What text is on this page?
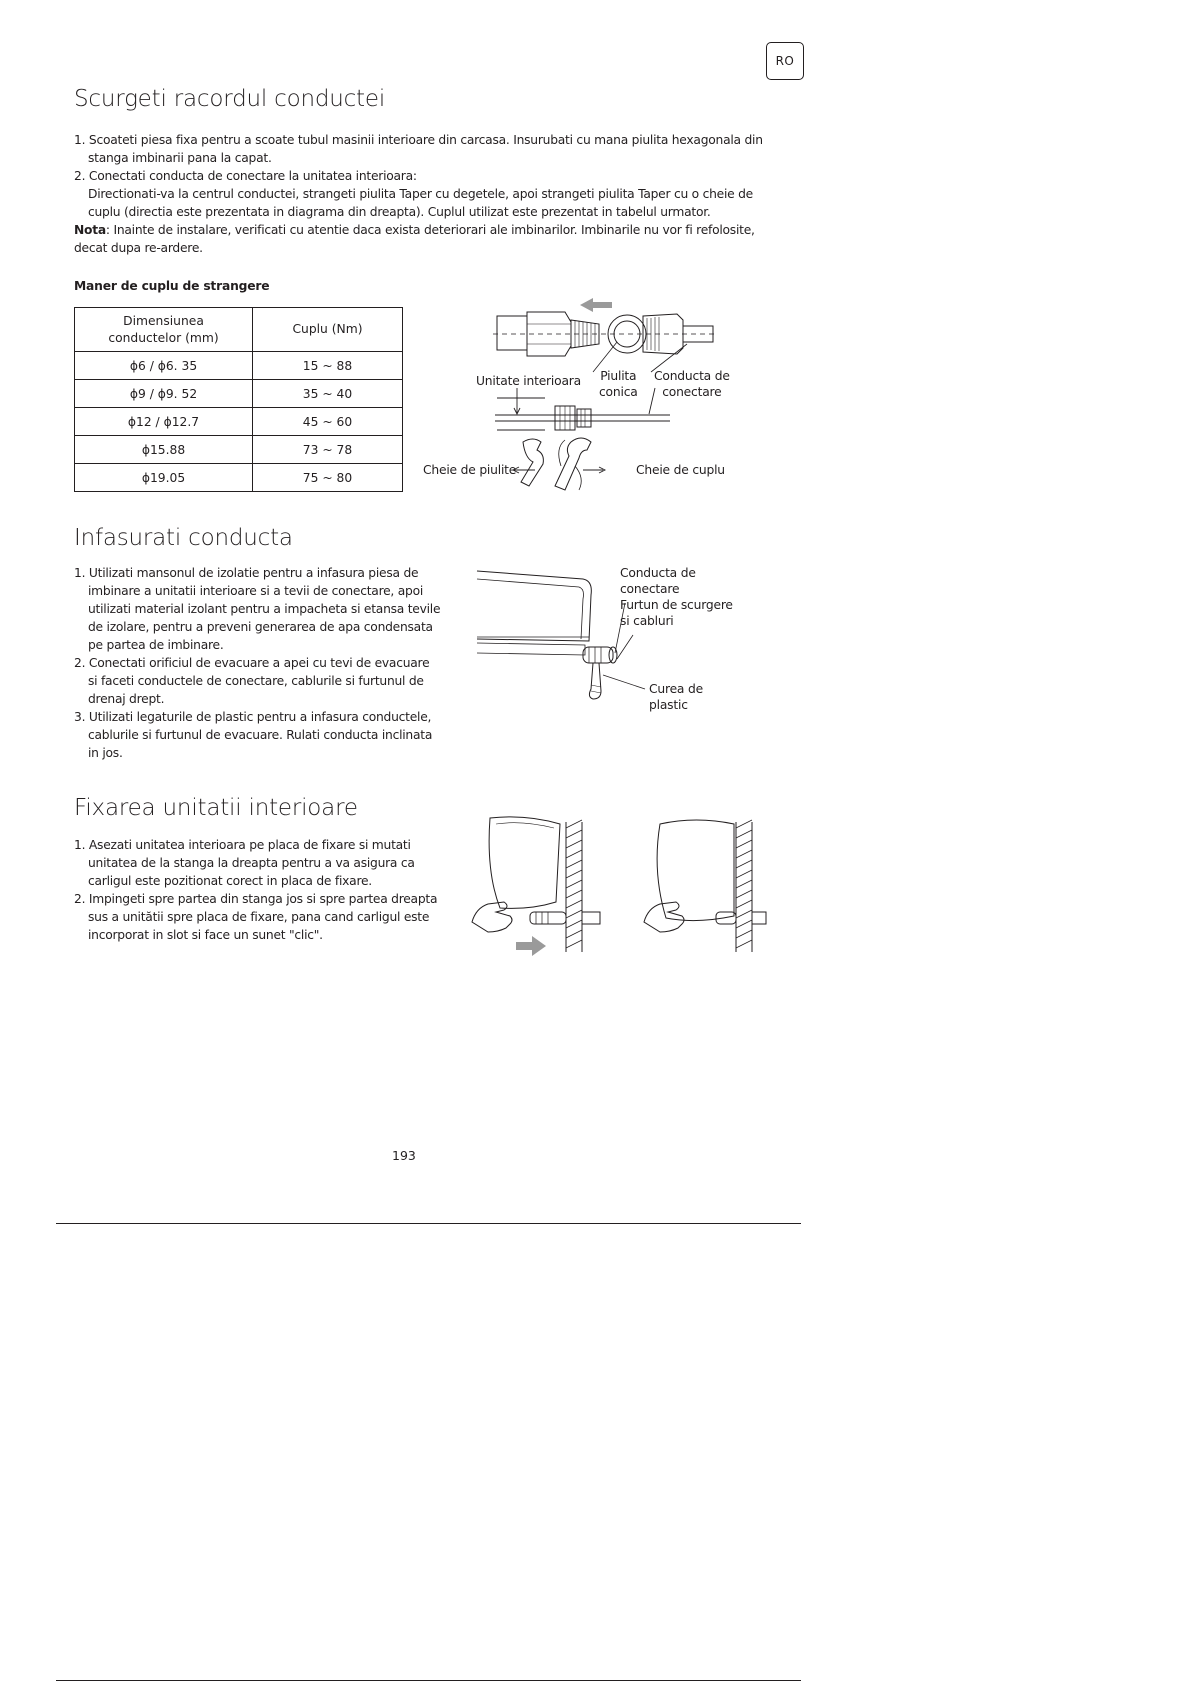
RO
Scurgeti racordul conductei

1. Scoateti piesa fixa pentru a scoate tubul masinii interioare din carcasa. Insurubati cu mana piulita hexagonala din

stanga imbinarii pana la capat.

2. Conectati conducta de conectare la unitatea interioara:

Directionati-va la centrul conductei, strangeti piulita Taper cu degetele, apoi strangeti piulita Taper cu o cheie de

cuplu (directia este prezentata in diagrama din dreapta). Cuplul utilizat este prezentat in tabelul urmator.

Nota: Inainte de instalare, verificati cu atentie daca exista deteriorari ale imbinarilor. Imbinarile nu vor fi refolosite,

decat dupa re-ardere.

Maner de cuplu de strangere
Dimensiunea
conductelor (mm)	Cuplu (Nm)
ϕ6 / ϕ6. 35	15 ~ 88
ϕ9 / ϕ9. 52	35 ~ 40
ϕ12 / ϕ12.7	45 ~ 60
ϕ15.88	73 ~ 78
ϕ19.05	75 ~ 80
Unitate interioara Piulita
conica
Conducta de
conectare
Cheie de piulite	Cheie de cuplu
Infasurati conducta

1. Utilizati mansonul de izolatie pentru a infasura piesa de

imbinare a unitatii interioare si a tevii de conectare, apoi

utilizati material izolant pentru a impacheta si etansa tevile

de izolare, pentru a preveni generarea de apa condensata

pe partea de imbinare.

2. Conectati orificiul de evacuare a apei cu tevi de evacuare

si faceti conductele de conectare, cablurile si furtunul de

drenaj drept.

3. Utilizati legaturile de plastic pentru a infasura conductele,

cablurile si furtunul de evacuare. Rulati conducta inclinata

in jos.

Conducta de
conectare
Furtun de scurgere
si cabluri
Curea de
plastic
Fixarea unitatii interioare

1. Asezati unitatea interioara pe placa de fixare si mutati

unitatea de la stanga la dreapta pentru a va asigura ca

carligul este pozitionat corect in placa de fixare.

2. Impingeti spre partea din stanga jos si spre partea dreapta

sus a unitătii spre placa de fixare, pana cand carligul este

incorporat in slot si face un sunet "clic".

193
